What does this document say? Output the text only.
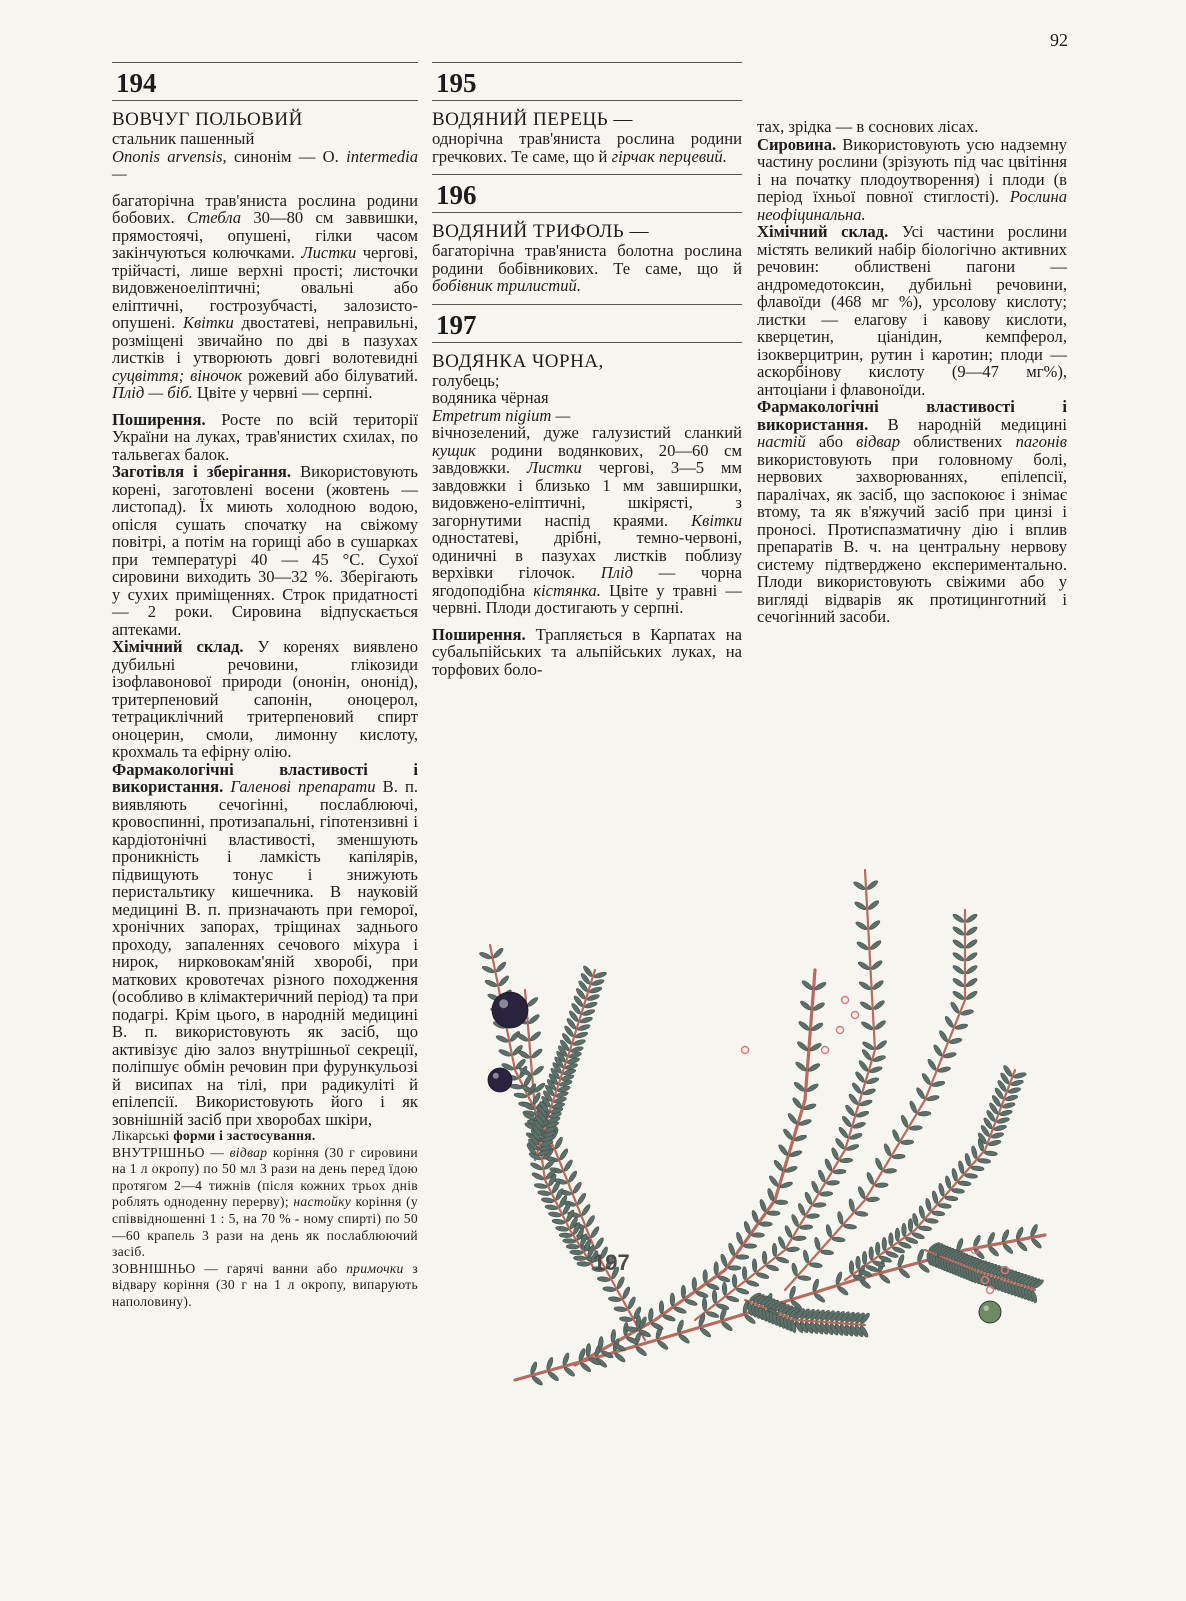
92
194

ВОВЧУГ ПОЛЬОВИЙ

стальник пашенный

Ononis arvensis, синонім — O. intermedia —

багаторічна трав'яниста рослина родини бобових. Стебла 30—80 см заввишки, прямостоячі, опушені, гілки часом закінчуються колючками. Листки чергові, трійчасті, лише верхні прості; листочки видовженоеліптичні; овальні або еліптичні, гострозубчасті, залозисто-опушені. Квітки двостатеві, неправильні, розміщені звичайно по дві в пазухах листків і утворюють довгі волотевидні суцвіття; віночок рожевий або білуватий. Плід — біб. Цвіте у червні — серпні.

Поширення. Росте по всій території України на луках, трав'янистих схилах, по тальвегах балок.

Заготівля і зберігання. Використовують корені, заготовлені восени (жовтень — листопад). Їх миють холодною водою, опісля сушать спочатку на свіжому повітрі, а потім на горищі або в сушарках при температурі 40 — 45 °С. Сухої сировини виходить 30—32 %. Зберігають у сухих приміщеннях. Строк придатності — 2 роки. Сировина відпускається аптеками.

Хімічний склад. У коренях виявлено дубильні речовини, глікозиди ізофлавонової природи (ононін, ононід), тритерпеновий сапонін, оноцерол, тетрациклічний тритерпеновий спирт оноцерин, смоли, лимонну кислоту, крохмаль та ефірну олію.

Фармакологічні властивості і використання. Галенові препарати В. п. виявляють сечогінні, послаблюючі, кровоспинні, протизапальні, гіпотензивні і кардіотонічні властивості, зменшують проникність і ламкість капілярів, підвищують тонус і знижують перистальтику кишечника. В науковій медицині В. п. призначають при геморої, хронічних запорах, тріщинах заднього проходу, запаленнях сечового міхура і нирок, нирковокам'яній хворобі, при маткових кровотечах різного походження (особливо в клімактеричний період) та при подагрі. Крім цього, в народній медицині В. п. використовують як засіб, що активізує дію залоз внутрішньої секреції, поліпшує обмін речовин при фурункульозі й висипах на тілі, при радикуліті й епілепсії. Використовують його і як зовнішній засіб при хворобах шкіри,

Лікарські форми і застосування.
ВНУТРІШНЬО — відвар коріння (30 г сировини на 1 л окропу) по 50 мл 3 рази на день перед їдою протягом 2—4 тижнів (після кожних трьох днів роблять одноденну перерву); настойку коріння (у співвідношенні 1 : 5, на 70 % - ному спирті) по 50—60 крапель 3 рази на день як послаблюючий засіб.
ЗОВНІШНЬО — гарячі ванни або примочки з відвару коріння (30 г на 1 л окропу, випарують наполовину).

195

ВОДЯНИЙ ПЕРЕЦЬ —

однорічна трав'яниста рослина родини гречкових. Те саме, що й гірчак перцевий.

196

ВОДЯНИЙ ТРИФОЛЬ —

багаторічна трав'яниста болотна рослина родини бобівникових. Те саме, що й бобівник трилистий.

197

ВОДЯНКА ЧОРНА,

голубець;

водяника чёрная

Empetrum nigium —

вічнозелений, дуже галузистий сланкий кущик родини водянкових, 20—60 см завдовжки. Листки чергові, 3—5 мм завдовжки і близько 1 мм завширшки, видовжено-еліптичні, шкірясті, з загорнутими наспід краями. Квітки одностатеві, дрібні, темно-червоні, одиничні в пазухах листків поблизу верхівки гілочок. Плід — чорна ягодоподібна кістянка. Цвіте у травні — червні. Плоди достигають у серпні.

Поширення. Трапляється в Карпатах на субальпійських та альпійських луках, на торфових боло-

тах, зрідка — в соснових лісах.

Сировина. Використовують усю надземну частину рослини (зрізують під час цвітіння і на початку плодоутворення) і плоди (в період їхньої повної стиглості). Рослина неофіцинальна.

Хімічний склад. Усі частини рослини містять великий набір біологічно активних речовин: облиствені пагони — андромедотоксин, дубильні речовини, флавоїди (468 мг %), урсолову кислоту; листки — елагову і кавову кислоти, кверцетин, ціанідин, кемпферол, ізокверцитрин, рутин і каротин; плоди — аскорбінову кислоту (9—47 мг%), антоціани і флавоноїди.

Фармакологічні властивості і використання. В народній медицині настій або відвар облиствених пагонів використовують при головному болі, нервових захворюваннях, епілепсії, паралічах, як засіб, що заспокоює і знімає втому, та як в'яжучий засіб при цинзі і проносі. Протиспазматичну дію і вплив препаратів В. ч. на центральну нервову систему підтверджено експериментально. Плоди використовують свіжими або у вигляді відварів як протицинготний і сечогінний засоби.

197
